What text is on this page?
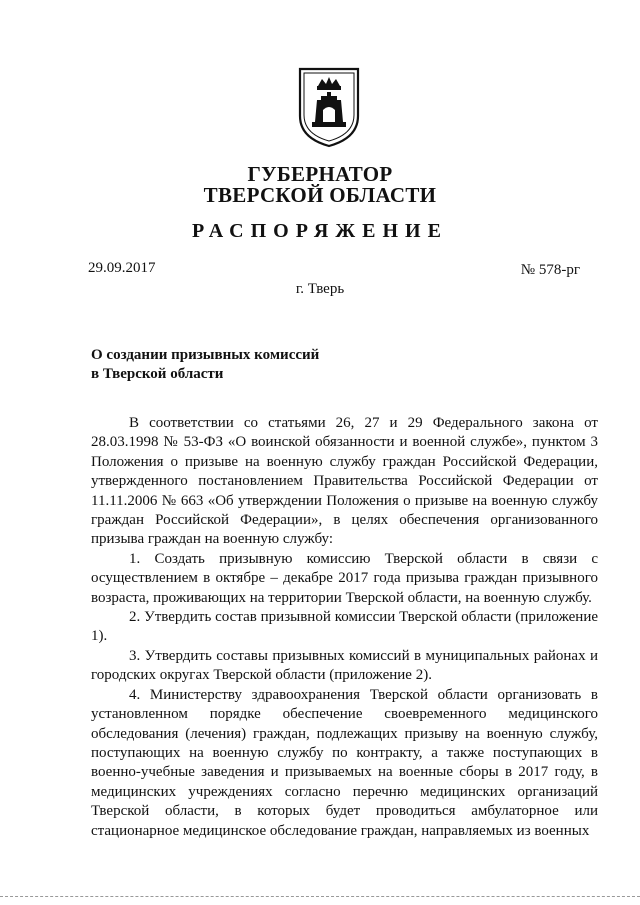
ГУБЕРНАТОР
ТВЕРСКОЙ ОБЛАСТИ
РАСПОРЯЖЕНИЕ
29.09.2017	№ 578-рг
г. Тверь
О создании призывных комиссий
в Тверской области

В соответствии со статьями 26, 27 и 29 Федерального закона от 28.03.1998 № 53-ФЗ «О воинской обязанности и военной службе», пунктом 3 Положения о призыве на военную службу граждан Российской Федерации, утвержденного постановлением Правительства Российской Федерации от 11.11.2006 № 663 «Об утверждении Положения о призыве на военную службу граждан Российской Федерации», в целях обеспечения организованного призыва граждан на военную службу:

1. Создать призывную комиссию Тверской области в связи с осуществлением в октябре – декабре 2017 года призыва граждан призывного возраста, проживающих на территории Тверской области, на военную службу.

2. Утвердить состав призывной комиссии Тверской области (приложение 1).

3. Утвердить составы призывных комиссий в муниципальных районах и городских округах Тверской области (приложение 2).

4. Министерству здравоохранения Тверской области организовать в установленном порядке обеспечение своевременного медицинского обследования (лечения) граждан, подлежащих призыву на военную службу, поступающих на военную службу по контракту, а также поступающих в военно-учебные заведения и призываемых на военные сборы в 2017 году, в медицинских учреждениях согласно перечню медицинских организаций Тверской области, в которых будет проводиться амбулаторное или стационарное медицинское обследование граждан, направляемых из военных
